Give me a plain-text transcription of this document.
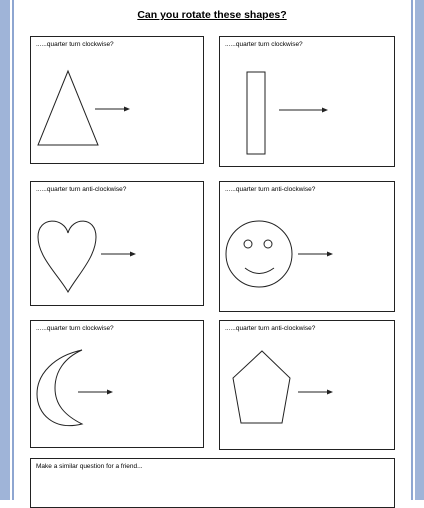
Can you rotate these shapes?
......quarter turn clockwise?	......quarter turn clockwise?
......quarter turn anti-clockwise?	......quarter turn anti-clockwise?
......quarter turn clockwise?	......quarter turn anti-clockwise?
Make a similar question for a friend...
